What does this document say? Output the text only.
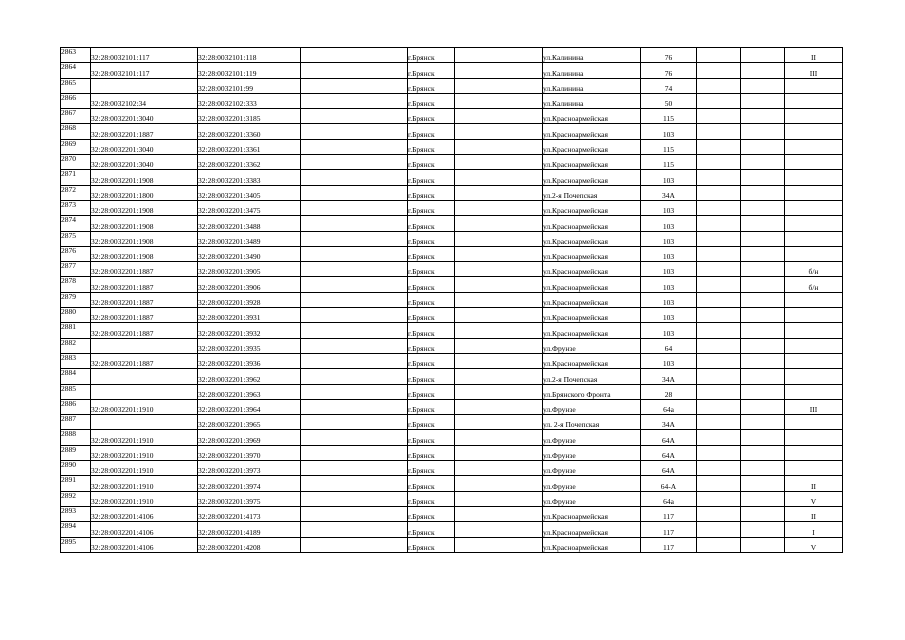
2863	32:28:0032101:117	32:28:0032101:118		г.Брянск		ул.Калинина	76			II
2864	32:28:0032101:117	32:28:0032101:119		г.Брянск		ул.Калинина	76			III
2865		32:28:0032101:99		г.Брянск		ул.Калинина	74			
2866	32:28:0032102:34	32:28:0032102:333		г.Брянск		ул.Калинина	50			
2867	32:28:0032201:3040	32:28:0032201:3185		г.Брянск		ул.Красноармейская	115			
2868	32:28:0032201:1887	32:28:0032201:3360		г.Брянск		ул.Красноармейская	103			
2869	32:28:0032201:3040	32:28:0032201:3361		г.Брянск		ул.Красноармейская	115			
2870	32:28:0032201:3040	32:28:0032201:3362		г.Брянск		ул.Красноармейская	115			
2871	32:28:0032201:1908	32:28:0032201:3383		г.Брянск		ул.Красноармейская	103			
2872	32:28:0032201:1800	32:28:0032201:3405		г.Брянск		ул.2-я Почепская	34А			
2873	32:28:0032201:1908	32:28:0032201:3475		г.Брянск		ул.Красноармейская	103			
2874	32:28:0032201:1908	32:28:0032201:3488		г.Брянск		ул.Красноармейская	103			
2875	32:28:0032201:1908	32:28:0032201:3489		г.Брянск		ул.Красноармейская	103			
2876	32:28:0032201:1908	32:28:0032201:3490		г.Брянск		ул.Красноармейская	103			
2877	32:28:0032201:1887	32:28:0032201:3905		г.Брянск		ул.Красноармейская	103			б/н
2878	32:28:0032201:1887	32:28:0032201:3906		г.Брянск		ул.Красноармейская	103			б/н
2879	32:28:0032201:1887	32:28:0032201:3928		г.Брянск		ул.Красноармейская	103			
2880	32:28:0032201:1887	32:28:0032201:3931		г.Брянск		ул.Красноармейская	103			
2881	32:28:0032201:1887	32:28:0032201:3932		г.Брянск		ул.Красноармейская	103			
2882		32:28:0032201:3935		г.Брянск		ул.Фрунзе	64			
2883	32:28:0032201:1887	32:28:0032201:3936		г.Брянск		ул.Красноармейская	103			
2884		32:28:0032201:3962		г.Брянск		ул.2-я Почепская	34А			
2885		32:28:0032201:3963		г.Брянск		ул.Брянского Фронта	28			
2886	32:28:0032201:1910	32:28:0032201:3964		г.Брянск		ул.Фрунзе	64а			III
2887		32:28:0032201:3965		г.Брянск		ул. 2-я Почепская	34А			
2888	32:28:0032201:1910	32:28:0032201:3969		г.Брянск		ул.Фрунзе	64А			
2889	32:28:0032201:1910	32:28:0032201:3970		г.Брянск		ул.Фрунзе	64А			
2890	32:28:0032201:1910	32:28:0032201:3973		г.Брянск		ул.Фрунзе	64А			
2891	32:28:0032201:1910	32:28:0032201:3974		г.Брянск		ул.Фрунзе	64-А			II
2892	32:28:0032201:1910	32:28:0032201:3975		г.Брянск		ул.Фрунзе	64а			V
2893	32:28:0032201:4106	32:28:0032201:4173		г.Брянск		ул.Красноармейская	117			II
2894	32:28:0032201:4106	32:28:0032201:4189		г.Брянск		ул.Красноармейская	117			I
2895	32:28:0032201:4106	32:28:0032201:4208		г.Брянск		ул.Красноармейская	117			V
